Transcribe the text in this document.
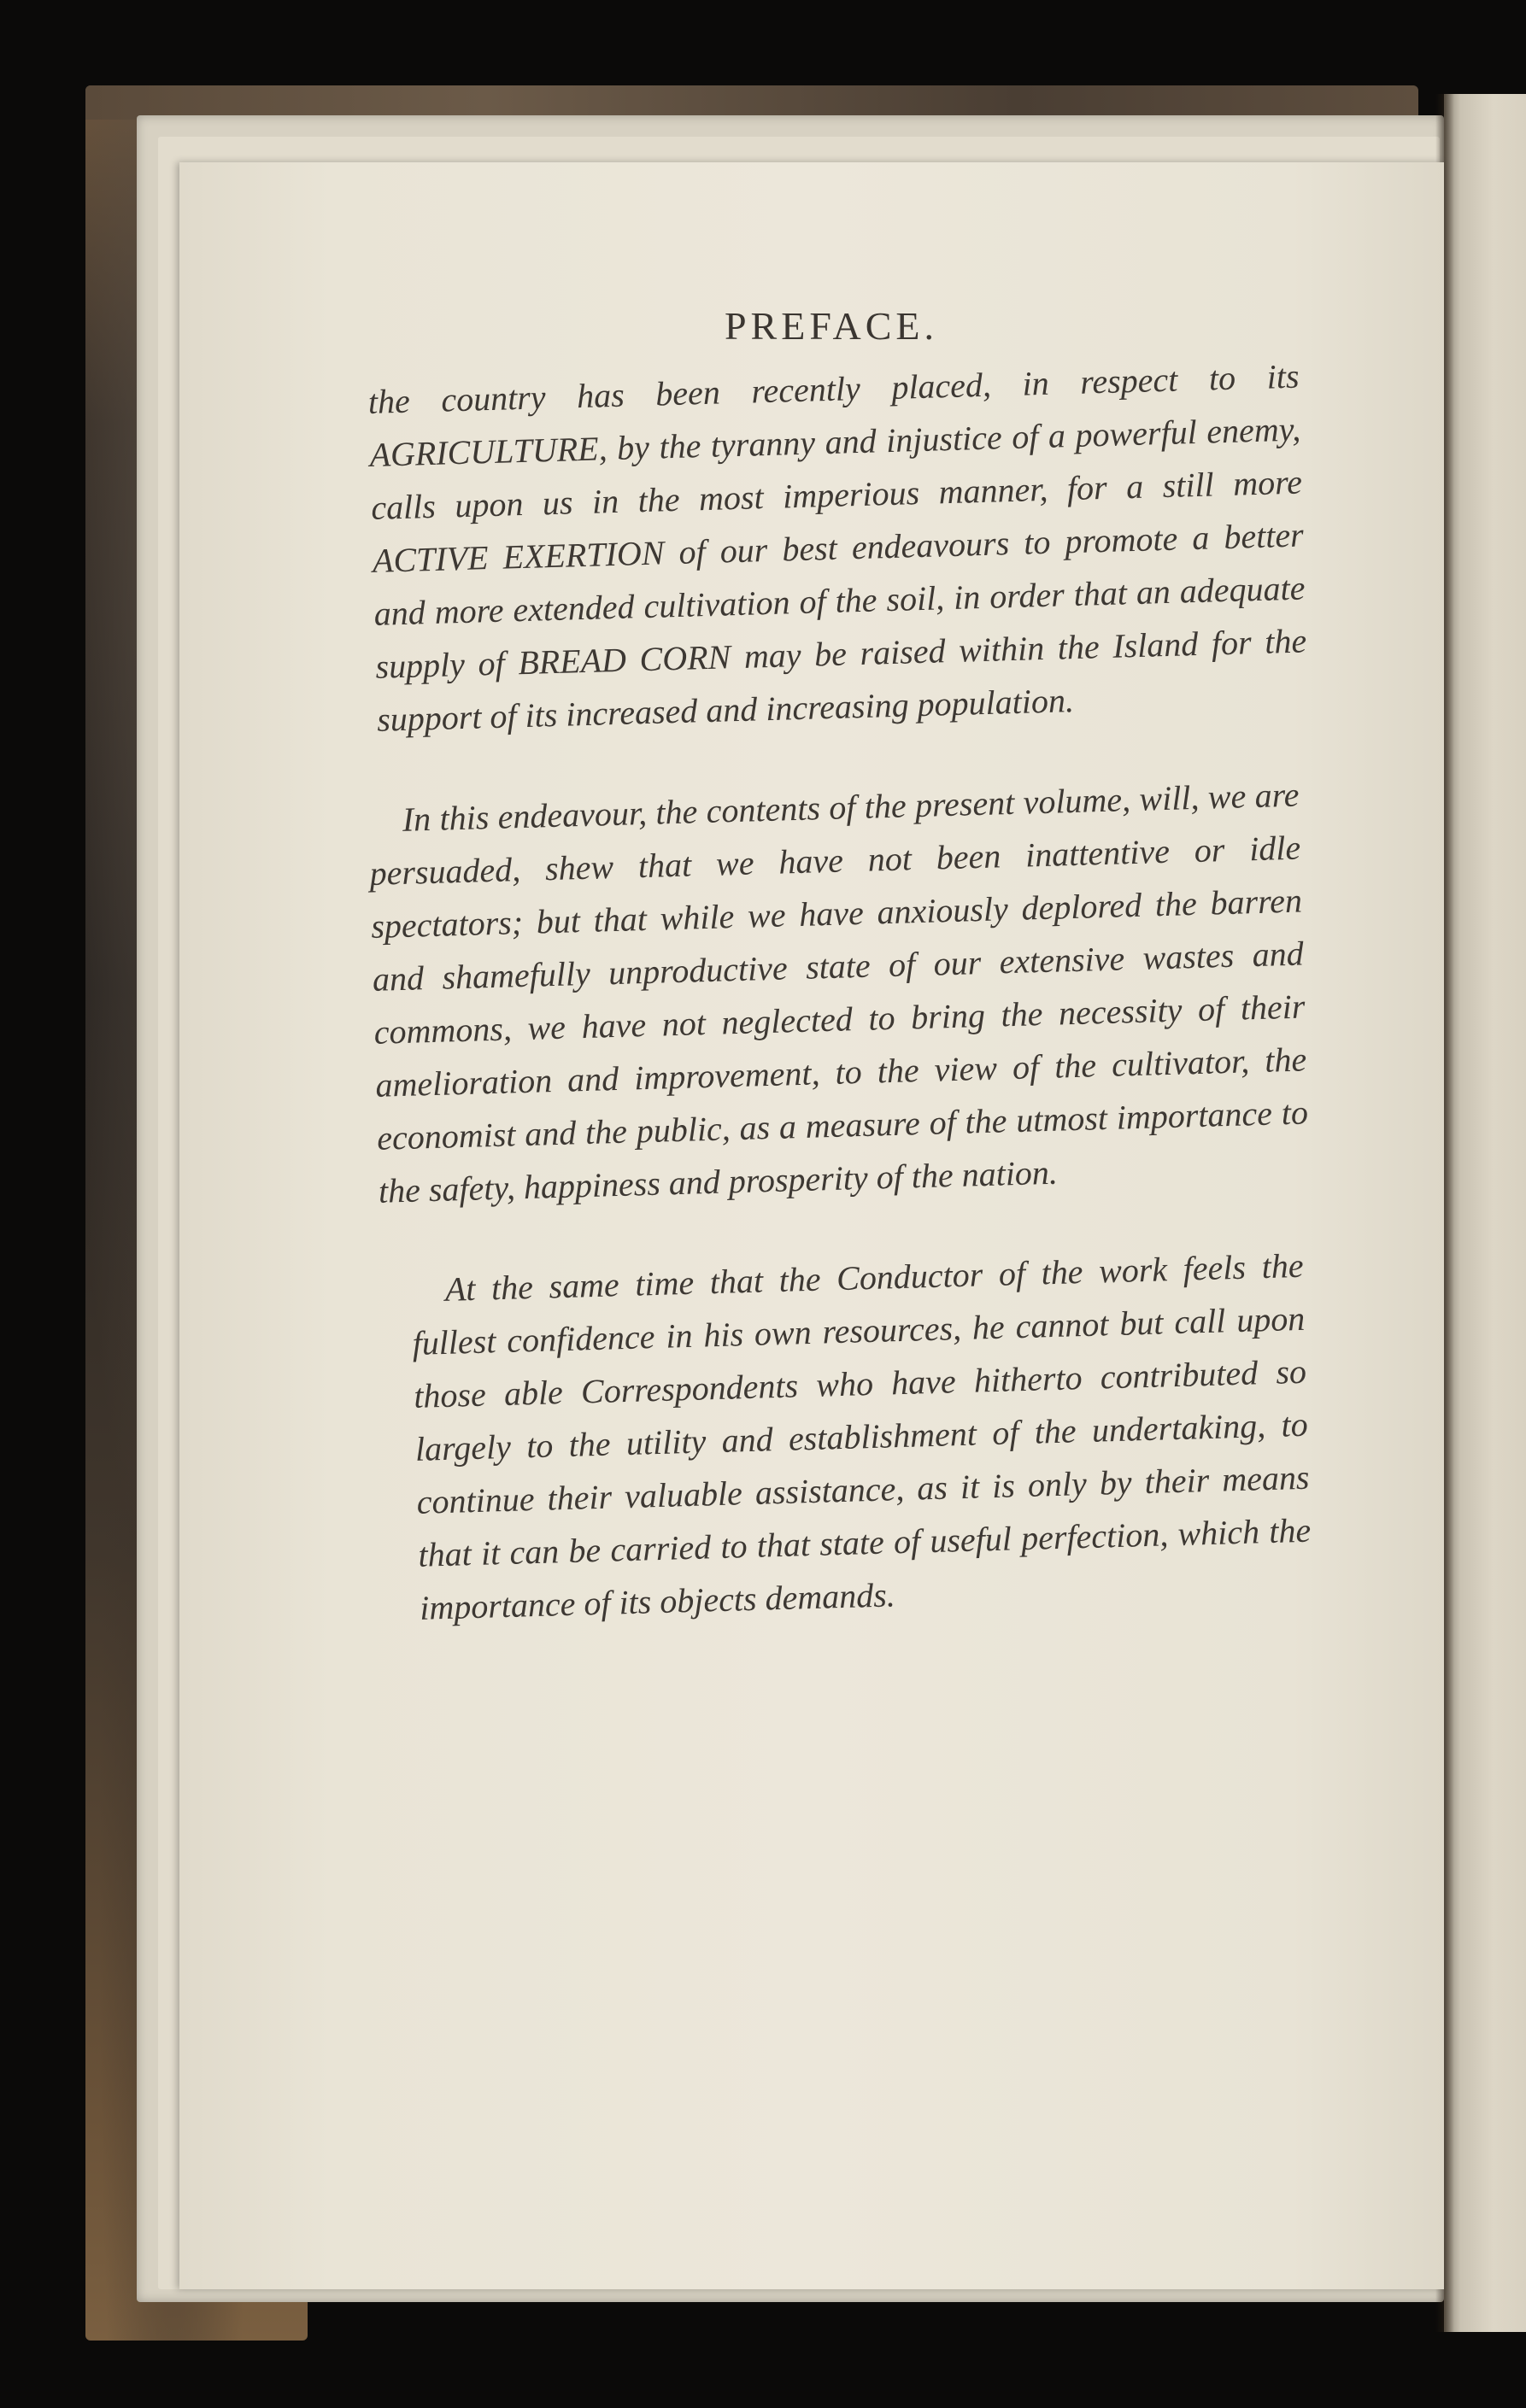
PREFACE.

the country has been recently placed, in respect to its AGRICULTURE, by the tyranny and injustice of a powerful enemy, calls upon us in the most imperious manner, for a still more ACTIVE EXERTION of our best endeavours to promote a better and more extended cultivation of the soil, in order that an adequate supply of BREAD CORN may be raised within the Island for the support of its increased and increasing population.

In this endeavour, the contents of the present volume, will, we are persuaded, shew that we have not been inattentive or idle spectators; but that while we have anxiously deplored the barren and shamefully unproductive state of our extensive wastes and commons, we have not neglected to bring the necessity of their amelioration and improvement, to the view of the cultivator, the economist and the public, as a measure of the utmost importance to the safety, happiness and prosperity of the nation.

At the same time that the Conductor of the work feels the fullest confidence in his own resources, he cannot but call upon those able Correspondents who have hitherto contributed so largely to the utility and establishment of the undertaking, to continue their valuable assistance, as it is only by their means that it can be carried to that state of useful perfection, which the importance of its objects demands.
